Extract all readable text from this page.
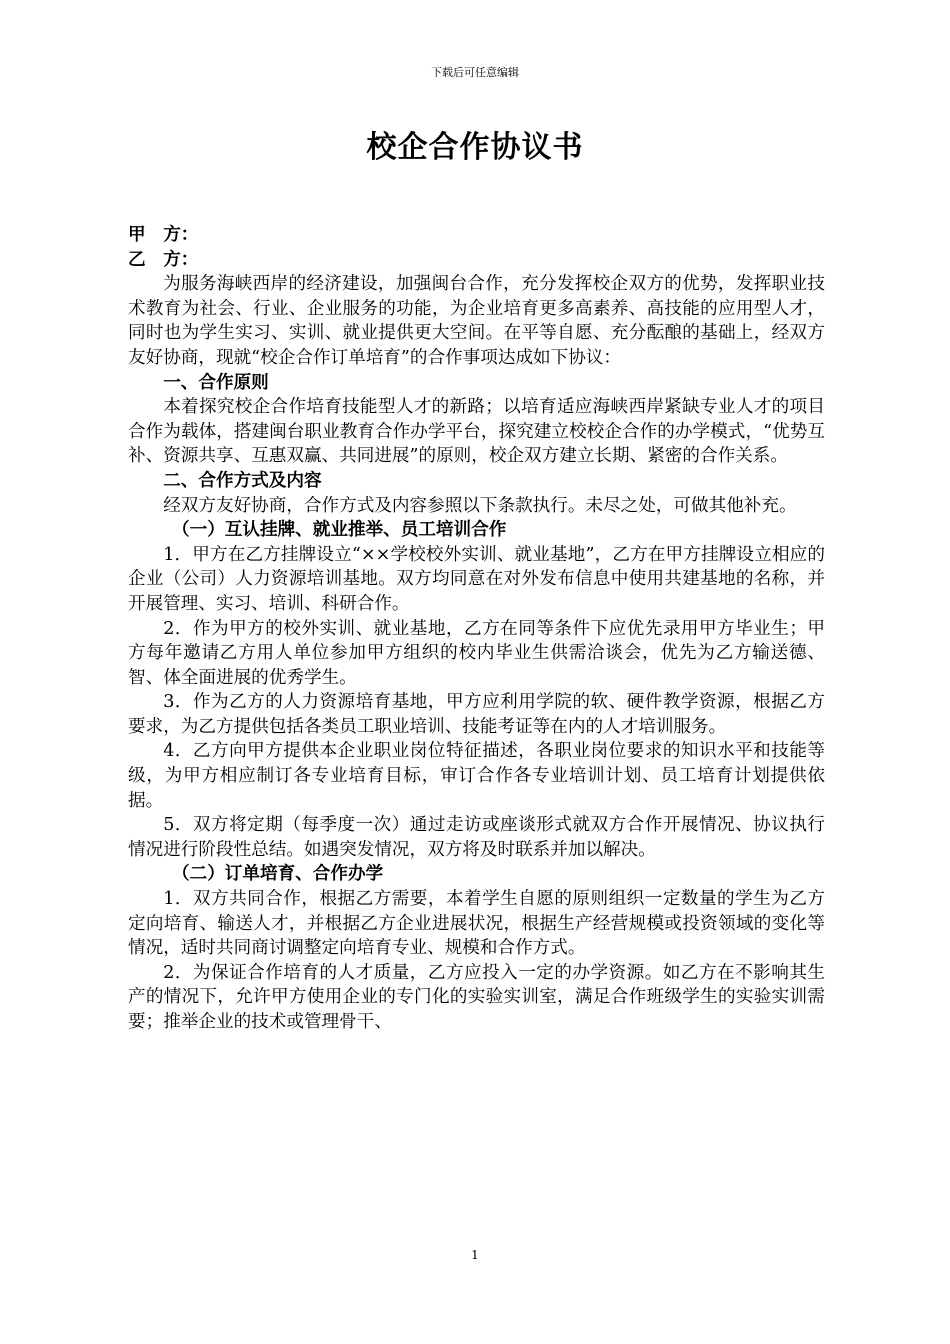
下载后可任意编辑
校企合作协议书

甲　方：

乙　方：

为服务海峡西岸的经济建设，加强闽台合作，充分发挥校企双方的优势，发挥职业技术教育为社会、行业、企业服务的功能，为企业培育更多高素养、高技能的应用型人才，同时也为学生实习、实训、就业提供更大空间。在平等自愿、充分酝酿的基础上，经双方友好协商，现就“校企合作订单培育”的合作事项达成如下协议：

一、合作原则

本着探究校企合作培育技能型人才的新路；以培育适应海峡西岸紧缺专业人才的项目合作为载体，搭建闽台职业教育合作办学平台，探究建立校校企合作的办学模式，“优势互补、资源共享、互惠双赢、共同进展”的原则，校企双方建立长期、紧密的合作关系。

二、合作方式及内容

经双方友好协商，合作方式及内容参照以下条款执行。未尽之处，可做其他补充。

（一）互认挂牌、就业推举、员工培训合作

1．甲方在乙方挂牌设立“××学校校外实训、就业基地”，乙方在甲方挂牌设立相应的企业（公司）人力资源培训基地。双方均同意在对外发布信息中使用共建基地的名称，并开展管理、实习、培训、科研合作。

2．作为甲方的校外实训、就业基地，乙方在同等条件下应优先录用甲方毕业生；甲方每年邀请乙方用人单位参加甲方组织的校内毕业生供需洽谈会，优先为乙方输送德、智、体全面进展的优秀学生。

3．作为乙方的人力资源培育基地，甲方应利用学院的软、硬件教学资源，根据乙方要求，为乙方提供包括各类员工职业培训、技能考证等在内的人才培训服务。

4．乙方向甲方提供本企业职业岗位特征描述，各职业岗位要求的知识水平和技能等级，为甲方相应制订各专业培育目标，审订合作各专业培训计划、员工培育计划提供依据。

5．双方将定期（每季度一次）通过走访或座谈形式就双方合作开展情况、协议执行情况进行阶段性总结。如遇突发情况，双方将及时联系并加以解决。

（二）订单培育、合作办学

1．双方共同合作，根据乙方需要，本着学生自愿的原则组织一定数量的学生为乙方定向培育、输送人才，并根据乙方企业进展状况，根据生产经营规模或投资领域的变化等情况，适时共同商讨调整定向培育专业、规模和合作方式。

2．为保证合作培育的人才质量，乙方应投入一定的办学资源。如乙方在不影响其生产的情况下，允许甲方使用企业的专门化的实验实训室，满足合作班级学生的实验实训需要；推举企业的技术或管理骨干、

1
